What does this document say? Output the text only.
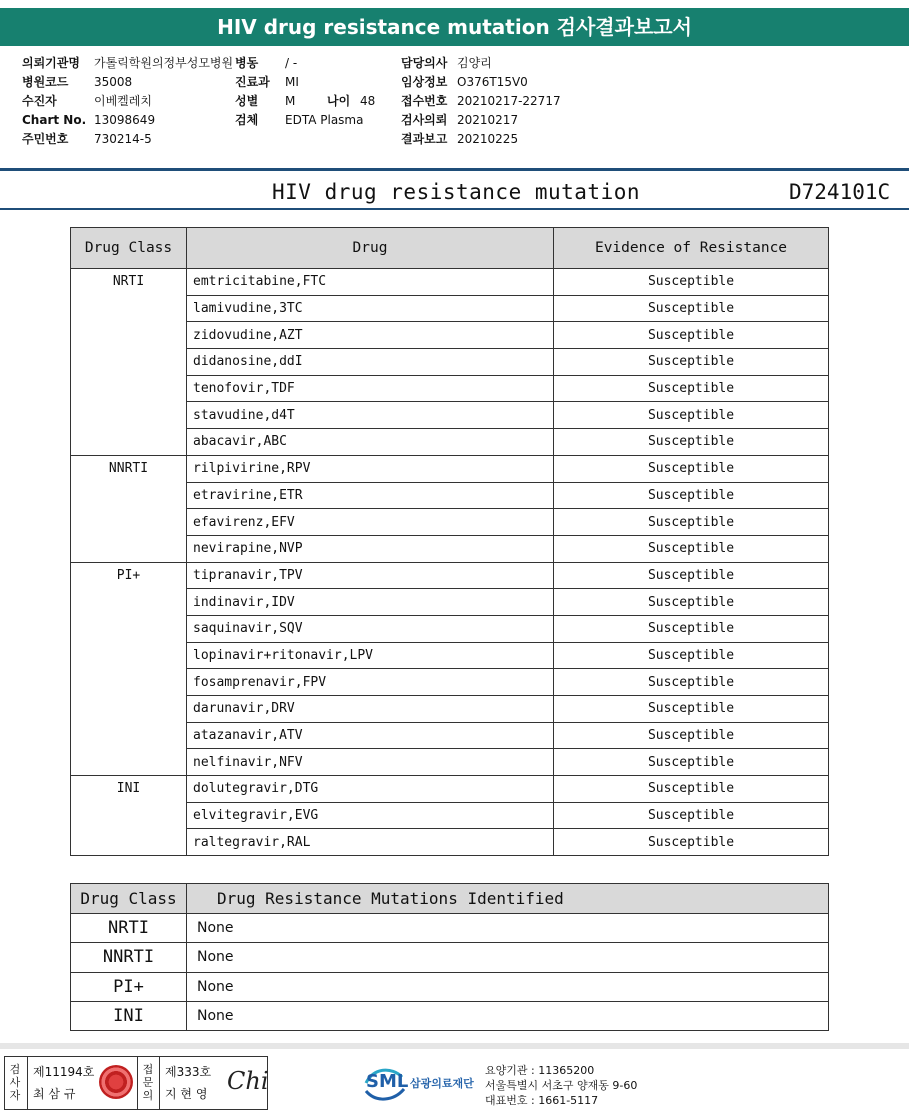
HIV drug resistance mutation 검사결과보고서
의뢰기관명	가톨릭학원의정부성모병원
병원코드	35008
수진자	이베켈레치
Chart No. 13098649
주민번호	730214-5
병동	/ -
진료과	MI
성별	M	나이 48
검체	EDTA Plasma
담당의사 김양리
임상정보 O376T15V0
접수번호 20210217-22717
검사의뢰 20210217
결과보고 20210225
HIV drug resistance mutation	D724101C
Drug Class	Drug	Evidence of Resistance
NRTI	emtricitabine,FTC	Susceptible
	lamivudine,3TC	Susceptible
	zidovudine,AZT	Susceptible
	didanosine,ddI	Susceptible
	tenofovir,TDF	Susceptible
	stavudine,d4T	Susceptible
	abacavir,ABC	Susceptible
NNRTI	rilpivirine,RPV	Susceptible
	etravirine,ETR	Susceptible
	efavirenz,EFV	Susceptible
	nevirapine,NVP	Susceptible
PI+	tipranavir,TPV	Susceptible
	indinavir,IDV	Susceptible
	saquinavir,SQV	Susceptible
	lopinavir+ritonavir,LPV	Susceptible
	fosamprenavir,FPV	Susceptible
	darunavir,DRV	Susceptible
	atazanavir,ATV	Susceptible
	nelfinavir,NFV	Susceptible
INI	dolutegravir,DTG	Susceptible
	elvitegravir,EVG	Susceptible
	raltegravir,RAL	Susceptible
Drug Class	Drug Resistance Mutations Identified
NRTI	None
NNRTI	None
PI+	None
INI	None
검사자
제11194호
최 삼 규
접문의
제333호
지 현 영 Chi	SML 삼광의료재단
요양기관 : 11365200
서울특별시 서초구 양재동 9-60
대표번호 : 1661-5117
